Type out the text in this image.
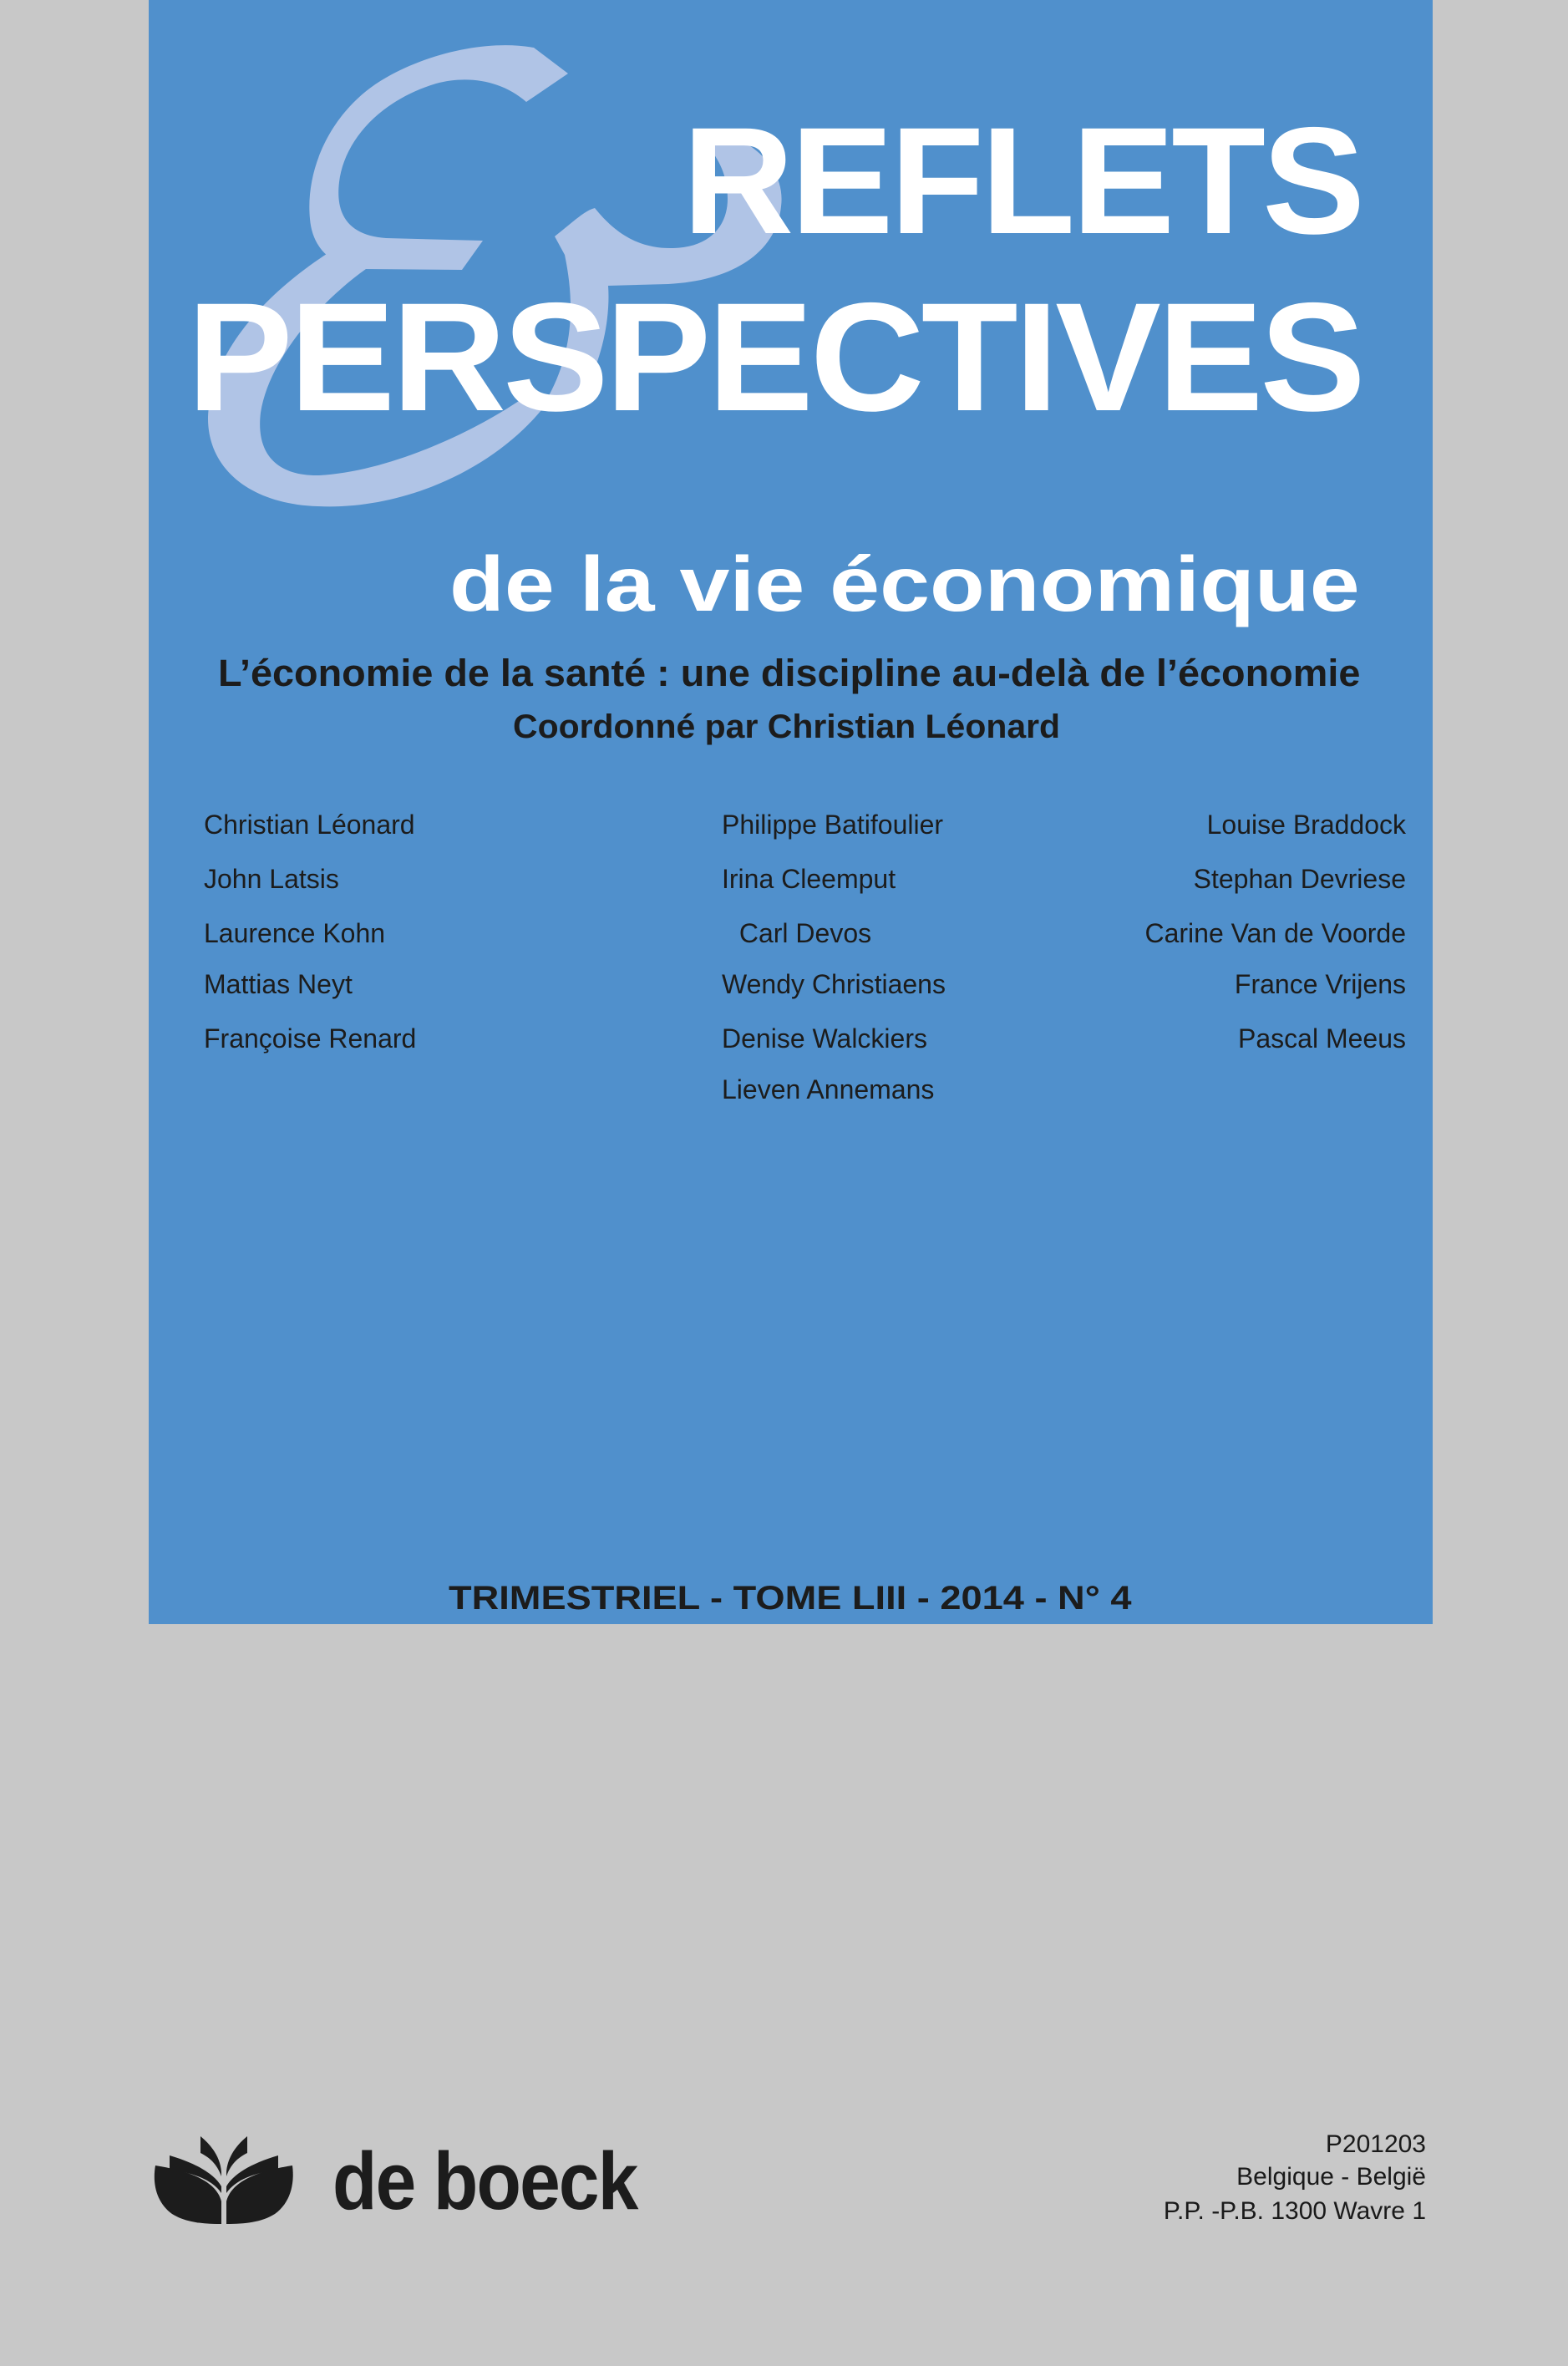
REFLETS
PERSPECTIVES
de la vie économique
L’économie de la santé : une discipline au-delà de l’économie
Coordonné par Christian Léonard
Christian Léonard
John Latsis
Laurence Kohn
Mattias Neyt
Françoise Renard
Philippe Batifoulier
Irina Cleemput
Carl Devos
Wendy Christiaens
Denise Walckiers
Lieven Annemans
Louise Braddock
Stephan Devriese
Carine Van de Voorde
France Vrijens
Pascal Meeus
TRIMESTRIEL - TOME LIII - 2014 - N° 4
de boeck	P201203
Belgique - België
P.P. -P.B. 1300 Wavre 1
